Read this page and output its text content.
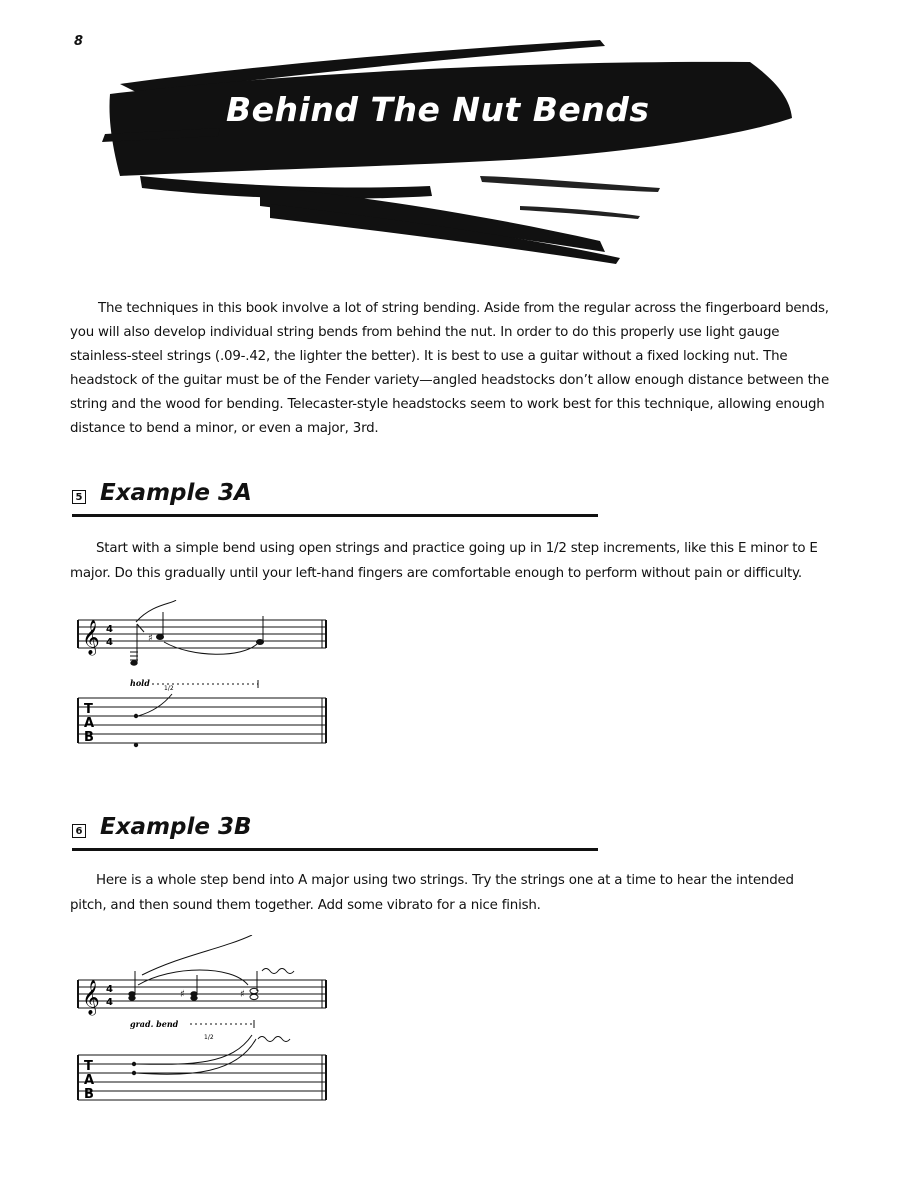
8
Behind The Nut Bends

The techniques in this book involve a lot of string bending. Aside from the regular across the fingerboard bends, you will also develop individual string bends from behind the nut. In order to do this properly use light gauge stainless-steel strings (.09-.42, the lighter the better). It is best to use a guitar without a fixed locking nut. The headstock of the guitar must be of the Fender variety—angled headstocks don’t allow enough distance between the string and the wood for bending. Telecaster-style headstocks seem to work best for this technique, allowing enough distance to bend a minor, or even a major, 3rd.

5 Example 3A

Start with a simple bend using open strings and practice going up in 1/2 step increments, like this E minor to E major. Do this gradually until your left-hand fingers are comfortable enough to perform without pain or difficulty.

𝄞 4
4	♯
hold
1/2
T
A
B
6 Example 3B

Here is a whole step bend into A major using two strings. Try the strings one at a time to hear the intended pitch, and then sound them together. Add some vibrato for a nice finish.

𝄞 4
4
♯	♯
grad. bend
1/2
T
A
B
